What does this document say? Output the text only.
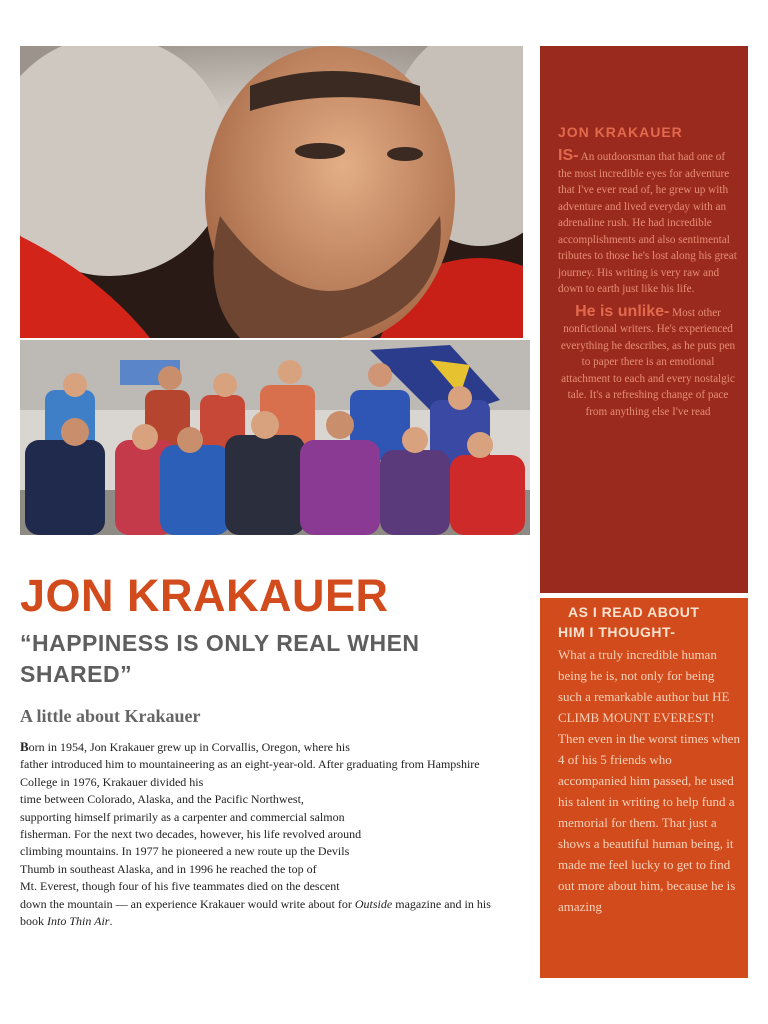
JON KRAKAUER

IS- An outdoorsman that had one of the most incredible eyes for adventure that I've ever read of, he grew up with adventure and lived everyday with an adrenaline rush. He had incredible accomplishments and also sentimental tributes to those he's lost along his great journey. His writing is very raw and down to earth just like his life.

He is unlike- Most other nonfictional writers. He's experienced everything he describes, as he puts pen to paper there is an emotional attachment to each and every nostalgic tale. It's a refreshing change of pace from anything else I've read

AS I READ ABOUT
HIM I THOUGHT-

What a truly incredible human being he is, not only for being such a remarkable author but HE CLIMB MOUNT EVEREST! Then even in the worst times when 4 of his 5 friends who accompanied him passed, he used his talent in writing to help fund a memorial for them. That just a shows a beautiful human being, it made me feel lucky to get to find out more about him, because he is amazing

JON KRAKAUER
“HAPPINESS IS ONLY REAL WHEN SHARED”
A little about Krakauer
Born in 1954, Jon Krakauer grew up in Corvallis, Oregon, where his
father introduced him to mountaineering as an eight-year-old. After graduating from Hampshire
College in 1976, Krakauer divided his
time between Colorado, Alaska, and the Pacific Northwest,
supporting himself primarily as a carpenter and commercial salmon
fisherman. For the next two decades, however, his life revolved around
climbing mountains. In 1977 he pioneered a new route up the Devils
Thumb in southeast Alaska, and in 1996 he reached the top of
Mt. Everest, though four of his five teammates died on the descent
down the mountain — an experience Krakauer would write about for Outside magazine and in his
book Into Thin Air.
